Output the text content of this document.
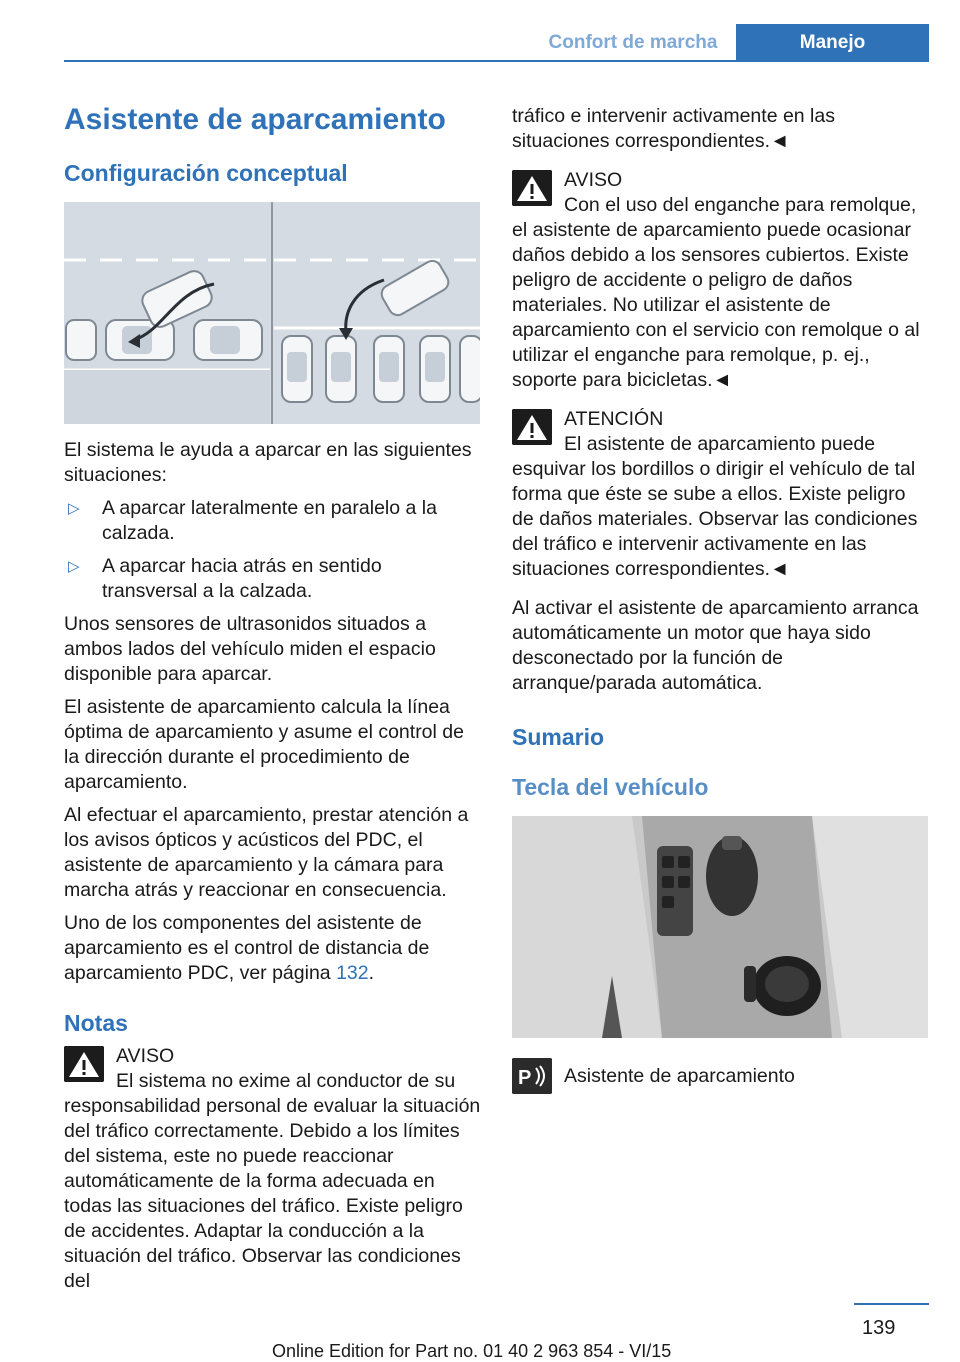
Confort de marcha	Manejo
Asistente de aparcamiento
Configuración conceptual

El sistema le ayuda a aparcar en las siguientes situaciones:

▷	A aparcar lateralmente en paralelo a la calzada.
▷	A aparcar hacia atrás en sentido transversal a la calzada.

Unos sensores de ultrasonidos situados a ambos lados del vehículo miden el espacio disponible para aparcar.

El asistente de aparcamiento calcula la línea óptima de aparcamiento y asume el control de la dirección durante el procedimiento de aparcamiento.

Al efectuar el aparcamiento, prestar atención a los avisos ópticos y acústicos del PDC, el asistente de aparcamiento y la cámara para marcha atrás y reaccionar en consecuencia.

Uno de los componentes del asistente de aparcamiento es el control de distancia de aparcamiento PDC, ver página 132.

Notas
AVISO
El sistema no exime al conductor de su responsabilidad personal de evaluar la situación del tráfico correctamente. Debido a los límites del sistema, este no puede reaccionar automáticamente de la forma adecuada en todas las situaciones del tráfico. Existe peligro de accidentes. Adaptar la conducción a la situación del tráfico. Observar las condiciones del

tráfico e intervenir activamente en las situaciones correspondientes.◄

AVISO
Con el uso del enganche para remolque, el asistente de aparcamiento puede ocasionar daños debido a los sensores cubiertos. Existe peligro de accidente o peligro de daños materiales. No utilizar el asistente de aparcamiento con el servicio con remolque o al utilizar el enganche para remolque, p. ej., soporte para bicicletas.◄
ATENCIÓN
El asistente de aparcamiento puede esquivar los bordillos o dirigir el vehículo de tal forma que éste se sube a ellos. Existe peligro de daños materiales. Observar las condiciones del tráfico e intervenir activamente en las situaciones correspondientes.◄

Al activar el asistente de aparcamiento arranca automáticamente un motor que haya sido desconectado por la función de arranque/parada automática.

Sumario
Tecla del vehículo
P	Asistente de aparcamiento
139
Online Edition for Part no. 01 40 2 963 854 - VI/15
